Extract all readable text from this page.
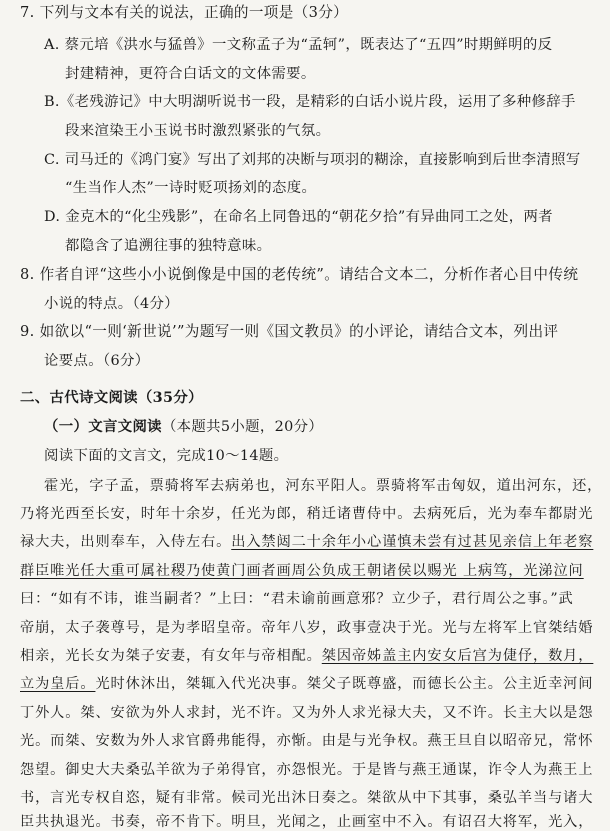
7. 下列与文本有关的说法，正确的一项是（3分）
A. 蔡元培《洪水与猛兽》一文称孟子为“孟轲”，既表达了“五四”时期鲜明的反
封建精神，更符合白话文的文体需要。
B.《老残游记》中大明湖听说书一段，是精彩的白话小说片段，运用了多种修辞手
段来渲染王小玉说书时激烈紧张的气氛。
C. 司马迁的《鸿门宴》写出了刘邦的决断与项羽的糊涂，直接影响到后世李清照写
“生当作人杰”一诗时贬项扬刘的态度。
D. 金克木的“化尘残影”，在命名上同鲁迅的“朝花夕拾”有异曲同工之处，两者
都隐含了追溯往事的独特意味。
8. 作者自评“这些小小说倒像是中国的老传统”。请结合文本二，分析作者心目中传统
小说的特点。（4分）
9. 如欲以“一则‘新世说’”为题写一则《国文教员》的小评论，请结合文本，列出评
论要点。（6分）
二、古代诗文阅读（35分）
（一）文言文阅读（本题共5小题，20分）
阅读下面的文言文，完成10～14题。
霍光，字子孟，票骑将军去病弟也，河东平阳人。票骑将军击匈奴，道出河东，还，
乃将光西至长安，时年十余岁，任光为郎，稍迁诸曹侍中。去病死后，光为奉车都尉光
禄大夫，出则奉车，入侍左右。出入禁闼二十余年小心谨慎未尝有过甚见亲信上年老察
群臣唯光任大重可属社稷乃使黄门画者画周公负成王朝诸侯以赐光 上病笃，光涕泣问
曰：“如有不讳，谁当嗣者？”上曰：“君未谕前画意邪？立少子，君行周公之事。”武
帝崩，太子袭尊号，是为孝昭皇帝。帝年八岁，政事壹决于光。光与左将军上官桀结婚
相亲，光长女为桀子安妻，有女年与帝相配。桀因帝姊盖主内安女后宫为倢伃，数月，
立为皇后。光时休沐出，桀辄入代光决事。桀父子既尊盛，而德长公主。公主近幸河间
丁外人。桀、安欲为外人求封，光不许。又为外人求光禄大夫，又不许。长主大以是怨
光。而桀、安数为外人求官爵弗能得，亦惭。由是与光争权。燕王旦自以昭帝兄，常怀
怨望。御史大夫桑弘羊欲为子弟得官，亦怨恨光。于是皆与燕王通谋，诈令人为燕王上
书，言光专权自恣，疑有非常。候司光出沐日奏之。桀欲从中下其事，桑弘羊当与诸大
臣共执退光。书奏，帝不肯下。明旦，光闻之，止画室中不入。有诏召大将军，光入，
